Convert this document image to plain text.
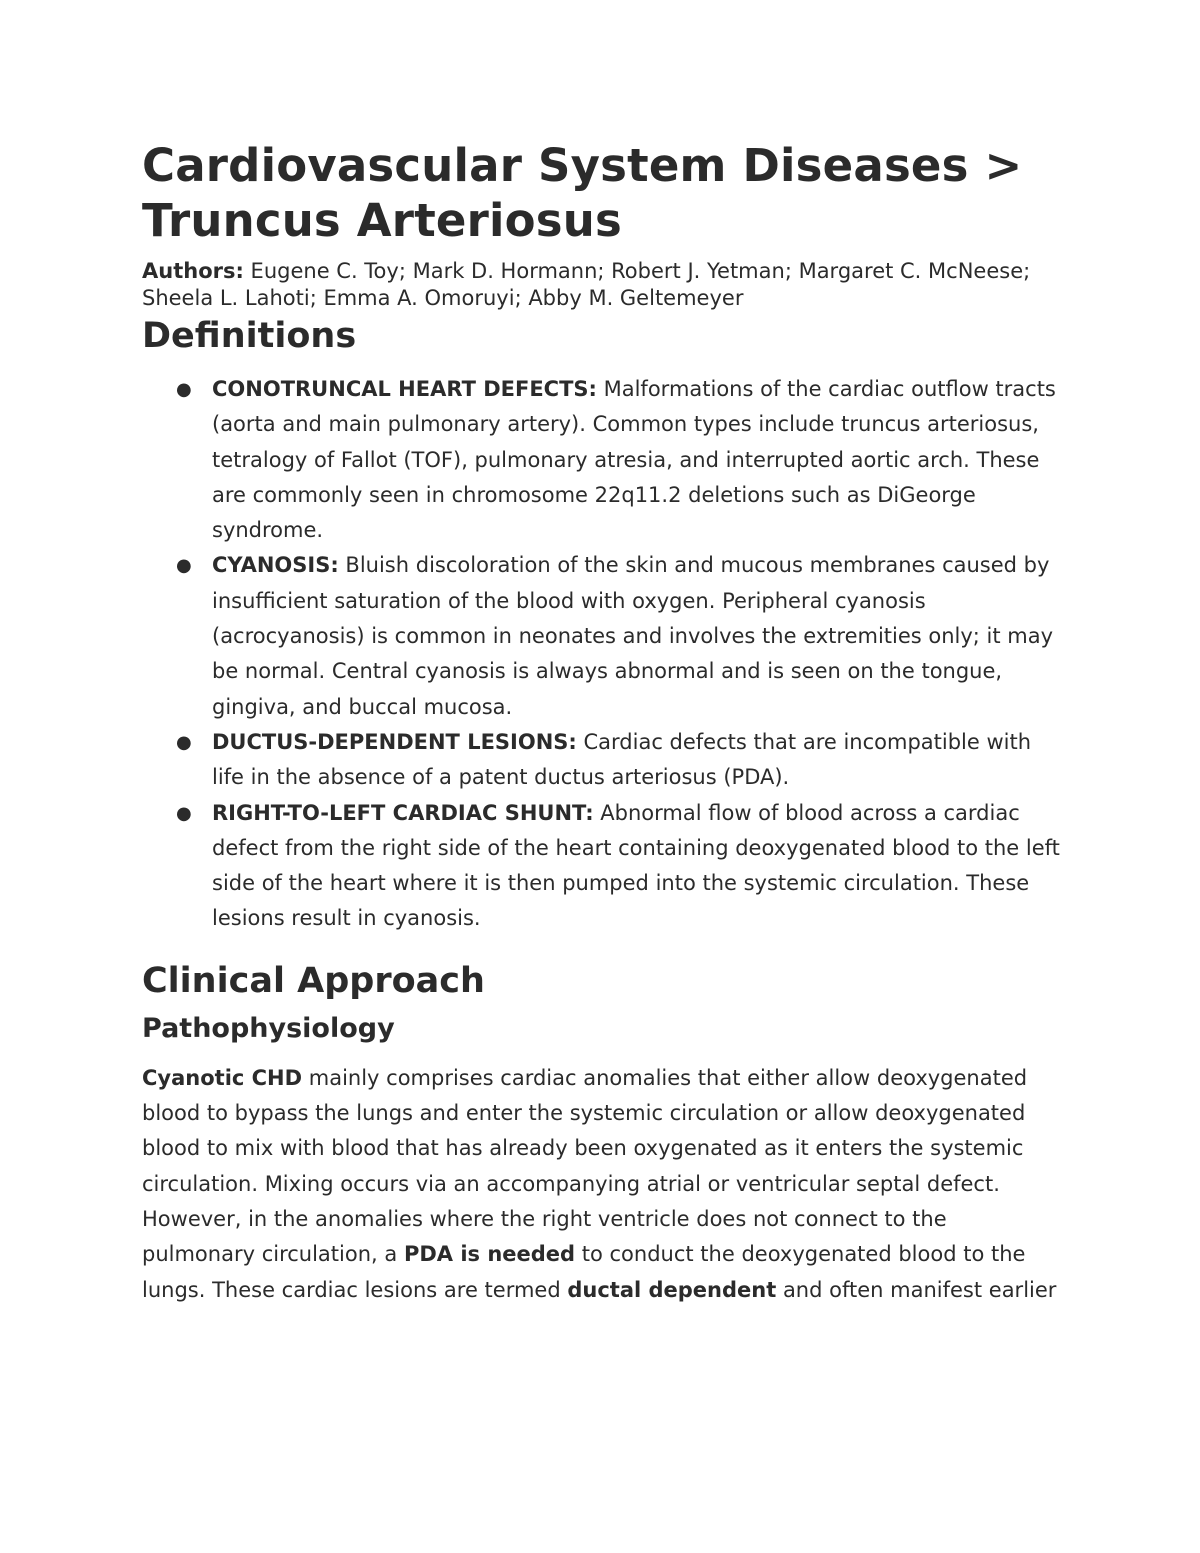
Cardiovascular System Diseases > Truncus Arteriosus

Authors: Eugene C. Toy; Mark D. Hormann; Robert J. Yetman; Margaret C. McNeese; Sheela L. Lahoti; Emma A. Omoruyi; Abby M. Geltemeyer

Definitions
● CONOTRUNCAL HEART DEFECTS: Malformations of the cardiac outflow tracts (aorta and main pulmonary artery). Common types include truncus arteriosus, tetralogy of Fallot (TOF), pulmonary atresia, and interrupted aortic arch. These are commonly seen in chromosome 22q11.2 deletions such as DiGeorge syndrome.
● CYANOSIS: Bluish discoloration of the skin and mucous membranes caused by insufficient saturation of the blood with oxygen. Peripheral cyanosis (acrocyanosis) is common in neonates and involves the extremities only; it may be normal. Central cyanosis is always abnormal and is seen on the tongue, gingiva, and buccal mucosa.
● DUCTUS-DEPENDENT LESIONS: Cardiac defects that are incompatible with life in the absence of a patent ductus arteriosus (PDA).
● RIGHT-TO-LEFT CARDIAC SHUNT: Abnormal flow of blood across a cardiac defect from the right side of the heart containing deoxygenated blood to the left side of the heart where it is then pumped into the systemic circulation. These lesions result in cyanosis.
Clinical Approach
Pathophysiology

Cyanotic CHD mainly comprises cardiac anomalies that either allow deoxygenated blood to bypass the lungs and enter the systemic circulation or allow deoxygenated blood to mix with blood that has already been oxygenated as it enters the systemic circulation. Mixing occurs via an accompanying atrial or ventricular septal defect. However, in the anomalies where the right ventricle does not connect to the pulmonary circulation, a PDA is needed to conduct the deoxygenated blood to the lungs. These cardiac lesions are termed ductal dependent and often manifest earlier
